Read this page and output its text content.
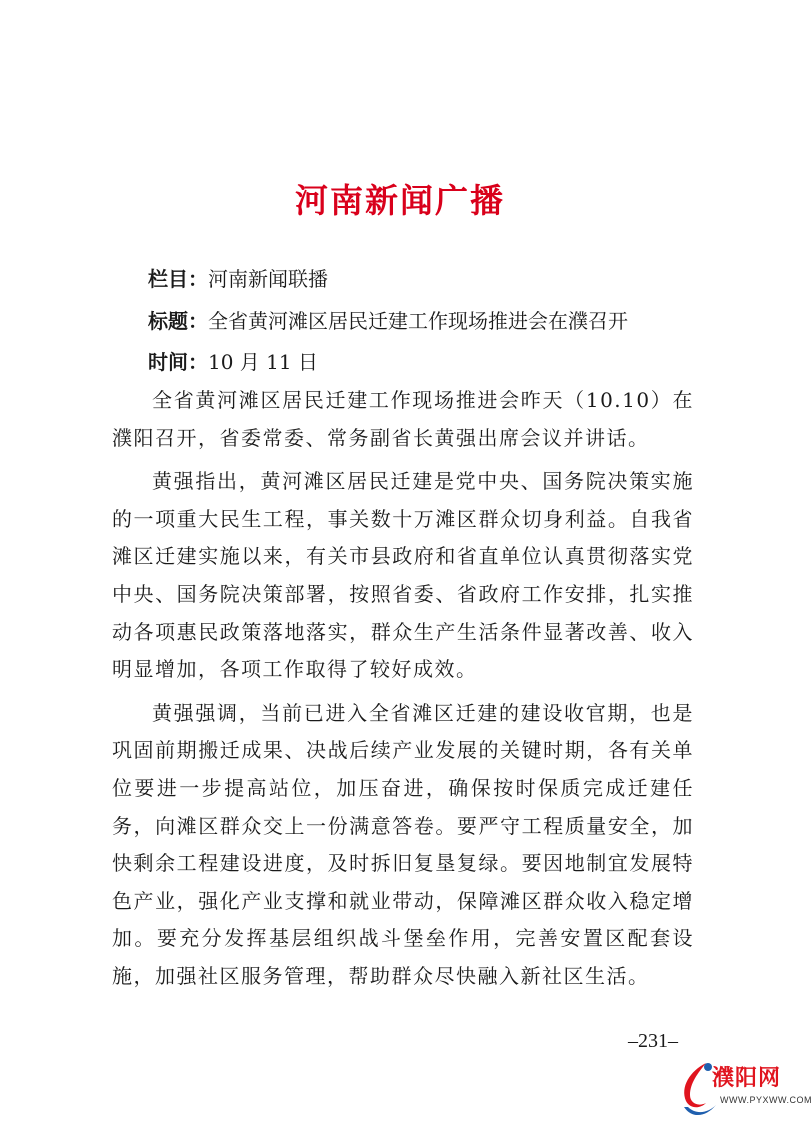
河南新闻广播
栏目：河南新闻联播
标题：全省黄河滩区居民迁建工作现场推进会在濮召开
时间：10 月 11 日

全省黄河滩区居民迁建工作现场推进会昨天（10.10）在濮阳召开，省委常委、常务副省长黄强出席会议并讲话。

黄强指出，黄河滩区居民迁建是党中央、国务院决策实施的一项重大民生工程，事关数十万滩区群众切身利益。自我省滩区迁建实施以来，有关市县政府和省直单位认真贯彻落实党中央、国务院决策部署，按照省委、省政府工作安排，扎实推动各项惠民政策落地落实，群众生产生活条件显著改善、收入明显增加，各项工作取得了较好成效。

黄强强调，当前已进入全省滩区迁建的建设收官期，也是巩固前期搬迁成果、决战后续产业发展的关键时期，各有关单位要进一步提高站位，加压奋进，确保按时保质完成迁建任务，向滩区群众交上一份满意答卷。要严守工程质量安全，加快剩余工程建设进度，及时拆旧复垦复绿。要因地制宜发展特色产业，强化产业支撑和就业带动，保障滩区群众收入稳定增加。要充分发挥基层组织战斗堡垒作用，完善安置区配套设施，加强社区服务管理，帮助群众尽快融入新社区生活。

–231–
濮阳网
WWW.PYXWW.COM
